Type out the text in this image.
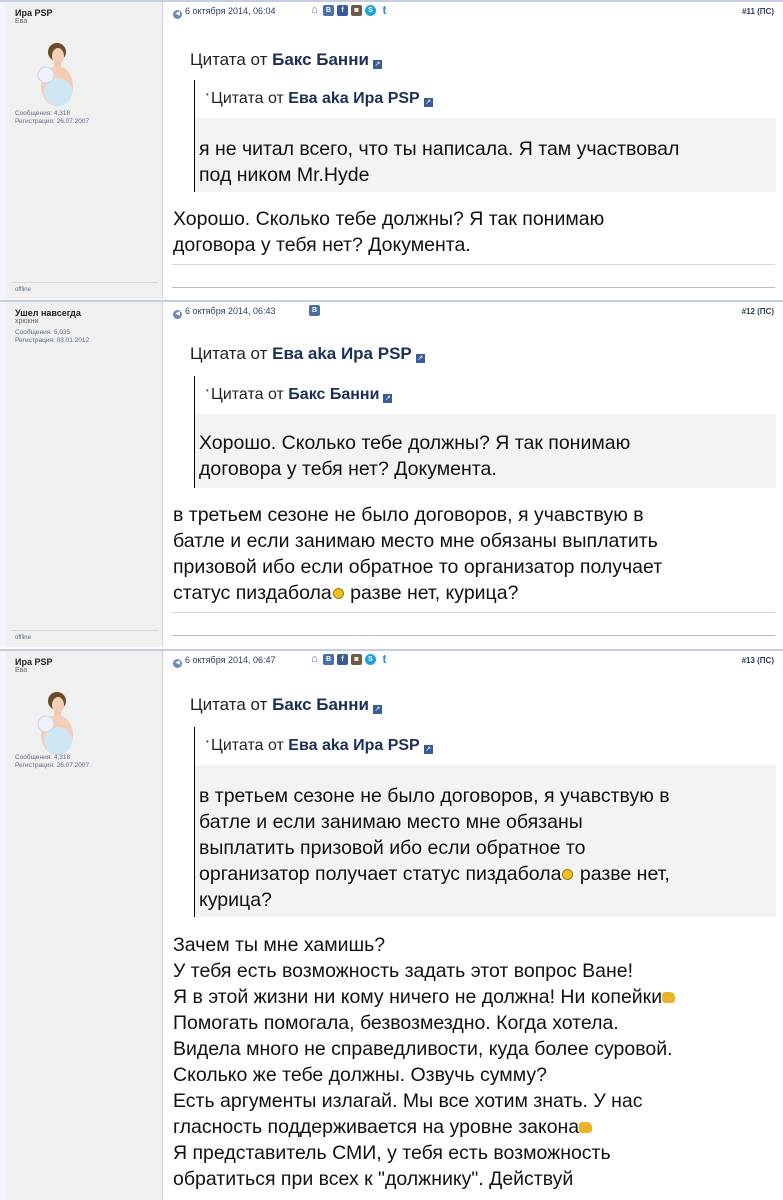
Ира PSP
Ева
Сообщения: 4,318
Регистрация: 26.07.2007
offline
◀ 6 октября 2014, 06:04	⌂	B	f	◙	S t	#11 (ПС)
Цитата от Бакс Банни ↗
• Цитата от Ева aka Ира PSP ↗
я не читал всего, что ты написала. Я там участвовал
под ником Mr.Hyde
Хорошо. Сколько тебе должны? Я так понимаю
договора у тебя нет? Документа.
Ушел навсегда
хрюкни
Сообщения: 5,035
Регистрация: 03.01.2012
offline
◀ 6 октября 2014, 06:43	B	#12 (ПС)
Цитата от Ева aka Ира PSP ↗
• Цитата от Бакс Банни ↗
Хорошо. Сколько тебе должны? Я так понимаю
договора у тебя нет? Документа.
в третьем сезоне не было договоров, я учавствую в
батле и если занимаю место мне обязаны выплатить
призовой ибо если обратное то организатор получает
статус пиздабола разве нет, курица?
Ира PSP
Ева
Сообщения: 4,318
Регистрация: 26.07.2007
◀ 6 октября 2014, 06:47	⌂	B	f	◙	S t	#13 (ПС)
Цитата от Бакс Банни ↗
• Цитата от Ева aka Ира PSP ↗
в третьем сезоне не было договоров, я учавствую в
батле и если занимаю место мне обязаны
выплатить призовой ибо если обратное то
организатор получает статус пиздабола разве нет,
курица?
Зачем ты мне хамишь?
У тебя есть возможность задать этот вопрос Ване!
Я в этой жизни ни кому ничего не должна! Ни копейки
Помогать помогала, безвозмездно. Когда хотела.
Видела много не справедливости, куда более суровой.
Сколько же тебе должны. Озвучь сумму?
Есть аргументы излагай. Мы все хотим знать. У нас
гласность поддерживается на уровне закона
Я представитель СМИ, у тебя есть возможность
обратиться при всех к "должнику". Действуй
